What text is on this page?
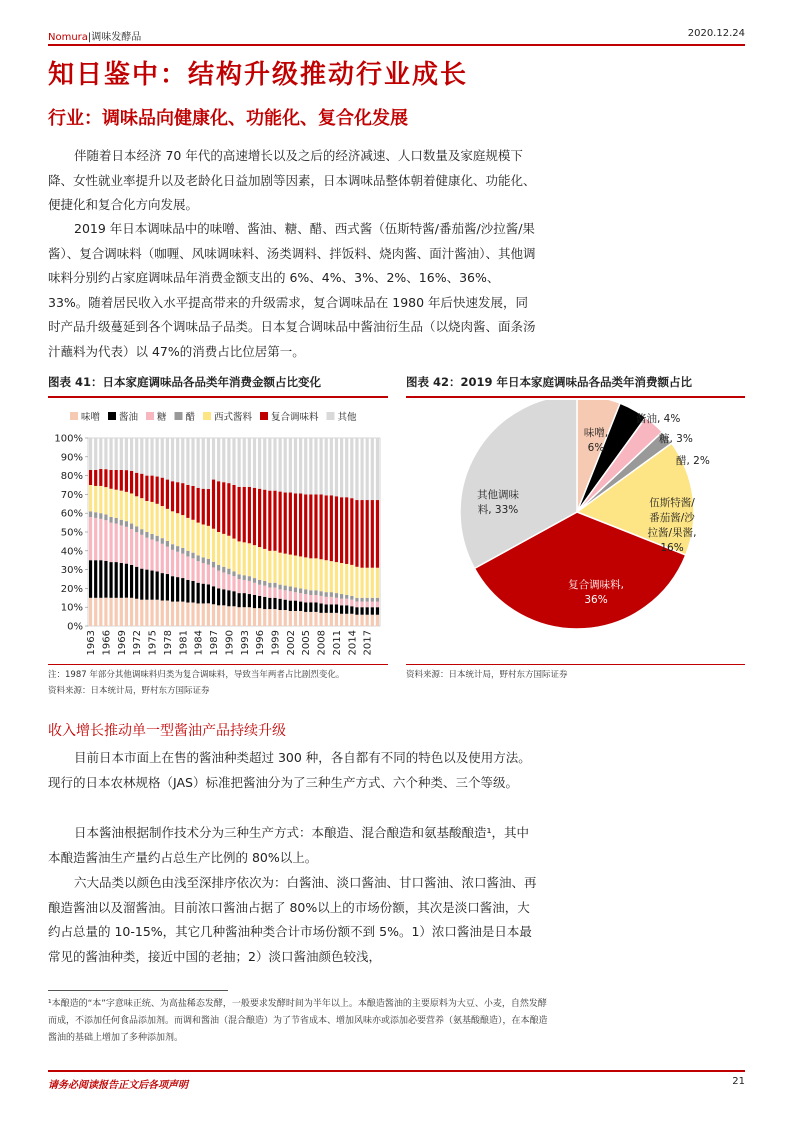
Nomura|调味发酵品	2020.12.24
知日鉴中：结构升级推动行业成长
行业：调味品向健康化、功能化、复合化发展

伴随着日本经济 70 年代的高速增长以及之后的经济减速、人口数量及家庭规模下降、女性就业率提升以及老龄化日益加剧等因素，日本调味品整体朝着健康化、功能化、便捷化和复合化方向发展。

2019 年日本调味品中的味噌、酱油、糖、醋、西式酱（伍斯特酱/番茄酱/沙拉酱/果酱）、复合调味料（咖喱、风味调味料、汤类调料、拌饭料、烧肉酱、面汁酱油）、其他调味料分别约占家庭调味品年消费金额支出的 6%、4%、3%、2%、16%、36%、33%。随着居民收入水平提高带来的升级需求，复合调味品在 1980 年后快速发展，同时产品升级蔓延到各个调味品子品类。日本复合调味品中酱油衍生品（以烧肉酱、面条汤汁蘸料为代表）以 47%的消费占比位居第一。

图表 41：日本家庭调味品各品类年消费金额占比变化
味噌 酱油 糖 醋 西式酱料 复合调味料 其他
0%
10%
20%
30%
40%
50%
60%
70%
80%
90%
100%
1963 1966 1969 1972 1975 1978 1981 1984 1987 1990 1993 1996 1999 2002 2005 2008 2011 2014 2017
注：1987 年部分其他调味料归类为复合调味料，导致当年两者占比剧烈变化。
资料来源：日本统计局，野村东方国际证券
图表 42：2019 年日本家庭调味品各品类年消费额占比
味噌, 6%
酱油, 4%
糖, 3%
醋, 2%
伍斯特酱/番茄酱/沙拉酱/果酱, 16%
复合调味料, 36%
其他调味料, 33%
资料来源：日本统计局，野村东方国际证券
收入增长推动单一型酱油产品持续升级

目前日本市面上在售的酱油种类超过 300 种，各自都有不同的特色以及使用方法。现行的日本农林规格（JAS）标准把酱油分为了三种生产方式、六个种类、三个等级。

日本酱油根据制作技术分为三种生产方式：本酿造、混合酿造和氨基酸酿造¹，其中本酿造酱油生产量约占总生产比例的 80%以上。

六大品类以颜色由浅至深排序依次为：白酱油、淡口酱油、甘口酱油、浓口酱油、再酿造酱油以及溜酱油。目前浓口酱油占据了 80%以上的市场份额，其次是淡口酱油，大约占总量的 10-15%，其它几种酱油种类合计市场份额不到 5%。1）浓口酱油是日本最常见的酱油种类，接近中国的老抽；2）淡口酱油颜色较浅，

¹本酿造的“本”字意味正统、为高盐稀态发酵，一般要求发酵时间为半年以上。本酿造酱油的主要原料为大豆、小麦，自然发酵而成，不添加任何食品添加剂。而调和酱油（混合酿造）为了节省成本、增加风味亦或添加必要营养（氨基酸酿造），在本酿造酱油的基础上增加了多种添加剂。

请务必阅读报告正文后各项声明	21
